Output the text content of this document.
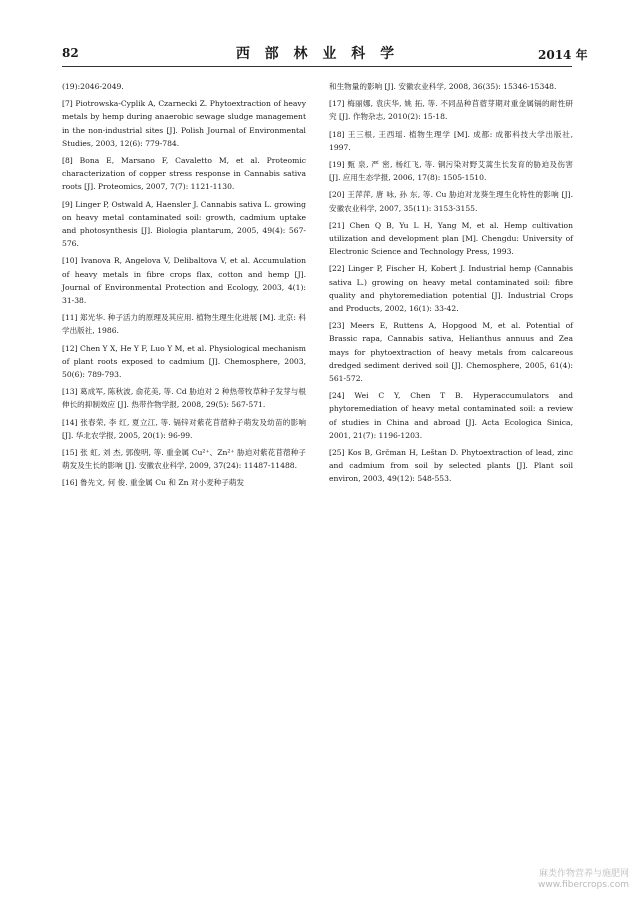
82	西 部 林 业 科 学	2014 年

(19):2046-2049.

[7] Piotrowska-Cyplik A, Czarnecki Z. Phytoextraction of heavy metals by hemp during anaerobic sewage sludge management in the non-industrial sites [J]. Polish Journal of Environmental Studies, 2003, 12(6): 779-784.

[8] Bona E, Marsano F, Cavaletto M, et al. Proteomic characterization of copper stress response in Cannabis sativa roots [J]. Proteomics, 2007, 7(7): 1121-1130.

[9] Linger P, Ostwald A, Haensler J. Cannabis sativa L. growing on heavy metal contaminated soil: growth, cadmium uptake and photosynthesis [J]. Biologia plantarum, 2005, 49(4): 567-576.

[10] Ivanova R, Angelova V, Delibaltova V, et al. Accumulation of heavy metals in fibre crops flax, cotton and hemp [J]. Journal of Environmental Protection and Ecology, 2003, 4(1): 31-38.

[11] 郑光华. 种子活力的原理及其应用. 植物生理生化进展 [M]. 北京: 科学出版社, 1986.

[12] Chen Y X, He Y F, Luo Y M, et al. Physiological mechanism of plant roots exposed to cadmium [J]. Chemosphere, 2003, 50(6): 789-793.

[13] 葛成军, 陈秋波, 俞花美, 等. Cd 胁迫对 2 种热带牧草种子发芽与根伸长的抑制效应 [J]. 热带作物学报, 2008, 29(5): 567-571.

[14] 张春荣, 李 红, 夏立江, 等. 镉锌对紫花苜蓿种子萌发及幼苗的影响 [J]. 华北农学报, 2005, 20(1): 96-99.

[15] 张 虹, 刘 杰, 郭俊明, 等. 重金属 Cu²⁺、Zn²⁺ 胁迫对紫花苜蓿种子萌发及生长的影响 [J]. 安徽农业科学, 2009, 37(24): 11487-11488.

[16] 鲁先文, 何 俊. 重金属 Cu 和 Zn 对小麦种子萌发

和生物量的影响 [J]. 安徽农业科学, 2008, 36(35): 15346-15348.

[17] 梅丽娜, 袁庆华, 姚 拓, 等. 不同品种苜蓿芽期对重金属镉的耐性研究 [J]. 作物杂志, 2010(2): 15-18.

[18] 王三根, 王西瑶. 植物生理学 [M]. 成都: 成都科技大学出版社, 1997.

[19] 甄 泉, 严 密, 杨红飞, 等. 铜污染对野艾蒿生长发育的胁迫及伤害 [J]. 应用生态学报, 2006, 17(8): 1505-1510.

[20] 王萍萍, 唐 咏, 孙 东, 等. Cu 胁迫对龙葵生理生化特性的影响 [J]. 安徽农业科学, 2007, 35(11): 3153-3155.

[21] Chen Q B, Yu L H, Yang M, et al. Hemp cultivation utilization and development plan [M]. Chengdu: University of Electronic Science and Technology Press, 1993.

[22] Linger P, Fischer H, Kobert J. Industrial hemp (Cannabis sativa L.) growing on heavy metal contaminated soil: fibre quality and phytoremediation potential [J]. Industrial Crops and Products, 2002, 16(1): 33-42.

[23] Meers E, Ruttens A, Hopgood M, et al. Potential of Brassic rapa, Cannabis sativa, Helianthus annuus and Zea mays for phytoextraction of heavy metals from calcareous dredged sediment derived soil [J]. Chemosphere, 2005, 61(4): 561-572.

[24] Wei C Y, Chen T B. Hyperaccumulators and phytoremediation of heavy metal contaminated soil: a review of studies in China and abroad [J]. Acta Ecologica Sinica, 2001, 21(7): 1196-1203.

[25] Kos B, Grčman H, Leštan D. Phytoextraction of lead, zinc and cadmium from soil by selected plants [J]. Plant soil environ, 2003, 49(12): 548-553.

麻类作物营养与施肥网
www.fibercrops.com
